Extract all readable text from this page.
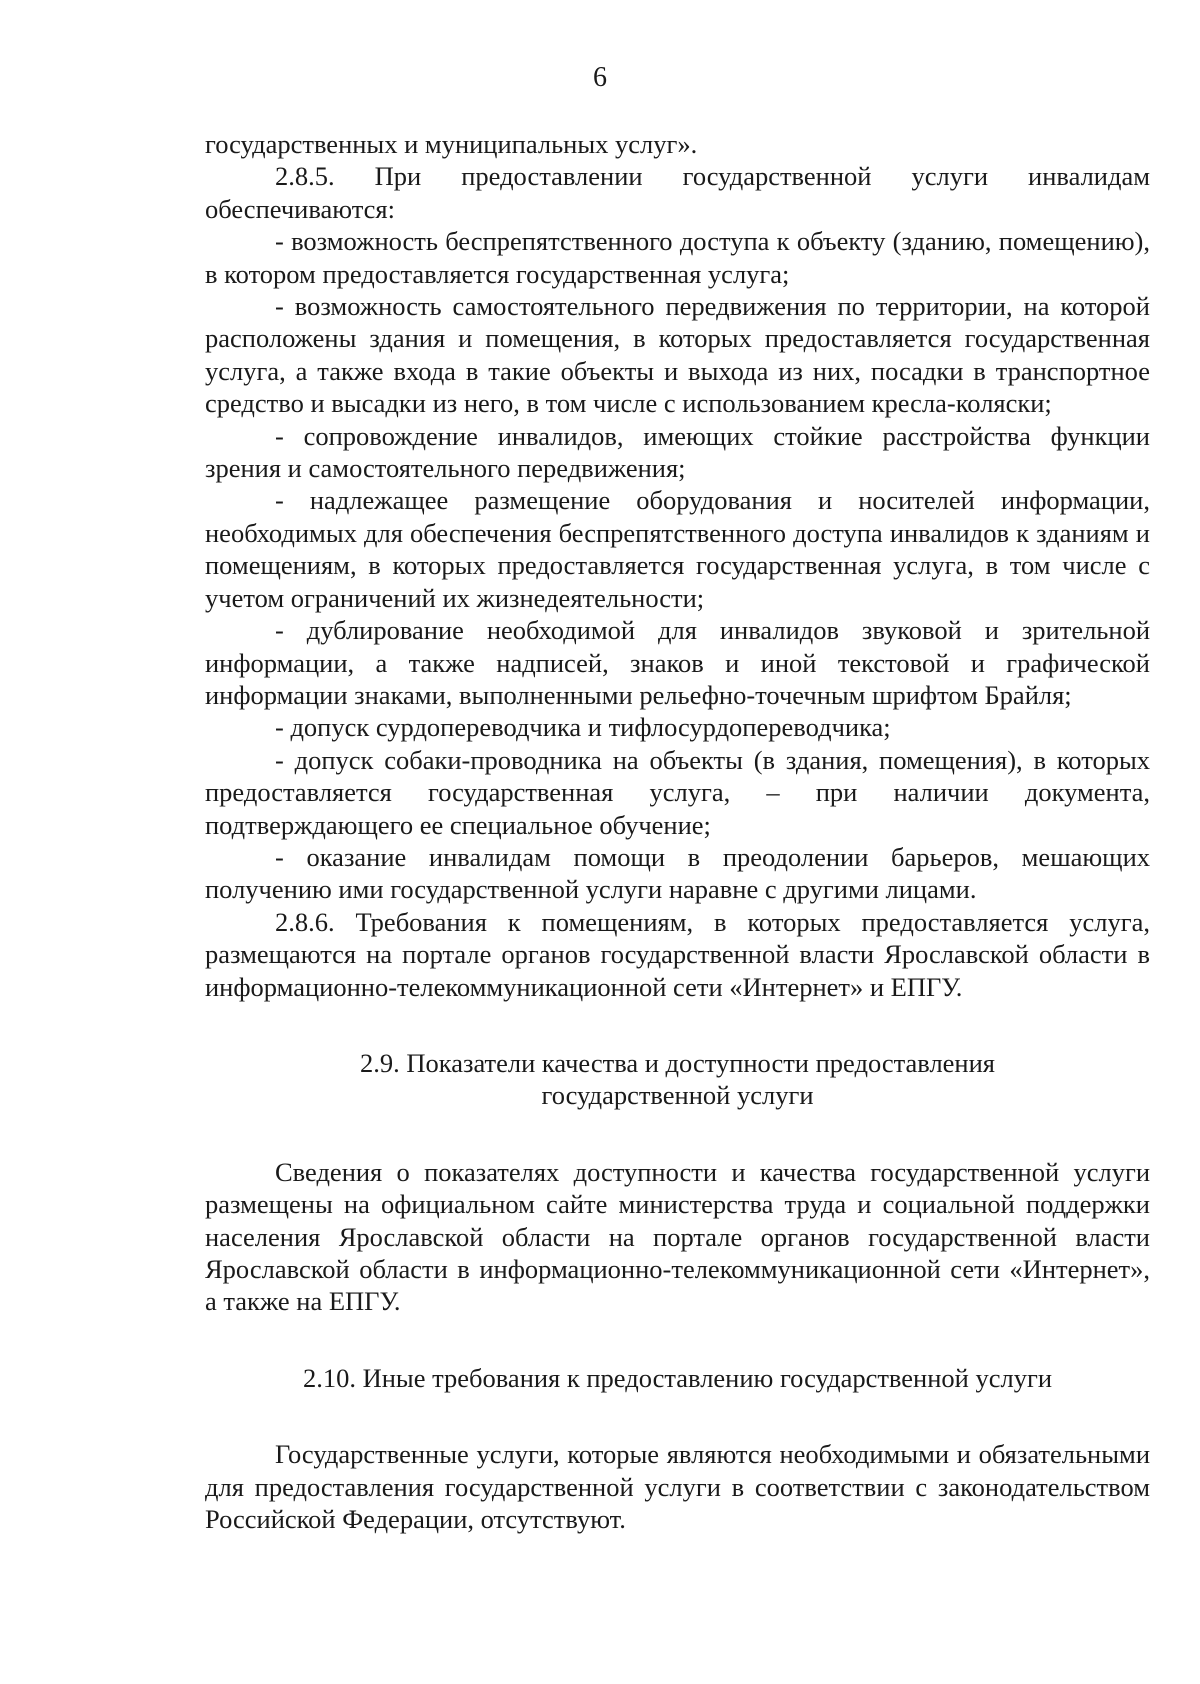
6

государственных и муниципальных услуг».

2.8.5. При предоставлении государственной услуги инвалидам обеспечиваются:

- возможность беспрепятственного доступа к объекту (зданию, помещению), в котором предоставляется государственная услуга;

- возможность самостоятельного передвижения по территории, на которой расположены здания и помещения, в которых предоставляется государственная услуга, а также входа в такие объекты и выхода из них, посадки в транспортное средство и высадки из него, в том числе с использованием кресла-коляски;

- сопровождение инвалидов, имеющих стойкие расстройства функции зрения и самостоятельного передвижения;

- надлежащее размещение оборудования и носителей информации, необходимых для обеспечения беспрепятственного доступа инвалидов к зданиям и помещениям, в которых предоставляется государственная услуга, в том числе с учетом ограничений их жизнедеятельности;

- дублирование необходимой для инвалидов звуковой и зрительной информации, а также надписей, знаков и иной текстовой и графической информации знаками, выполненными рельефно-точечным шрифтом Брайля;

- допуск сурдопереводчика и тифлосурдопереводчика;

- допуск собаки-проводника на объекты (в здания, помещения), в которых предоставляется государственная услуга, – при наличии документа, подтверждающего ее специальное обучение;

- оказание инвалидам помощи в преодолении барьеров, мешающих получению ими государственной услуги наравне с другими лицами.

2.8.6. Требования к помещениям, в которых предоставляется услуга, размещаются на портале органов государственной власти Ярославской области в информационно-телекоммуникационной сети «Интернет» и ЕПГУ.

2.9. Показатели качества и доступности предоставления

государственной услуги

Сведения о показателях доступности и качества государственной услуги размещены на официальном сайте министерства труда и социальной поддержки населения Ярославской области на портале органов государственной власти Ярославской области в информационно-телекоммуникационной сети «Интернет», а также на ЕПГУ.

2.10. Иные требования к предоставлению государственной услуги

Государственные услуги, которые являются необходимыми и обязательными для предоставления государственной услуги в соответствии с законодательством Российской Федерации, отсутствуют.
